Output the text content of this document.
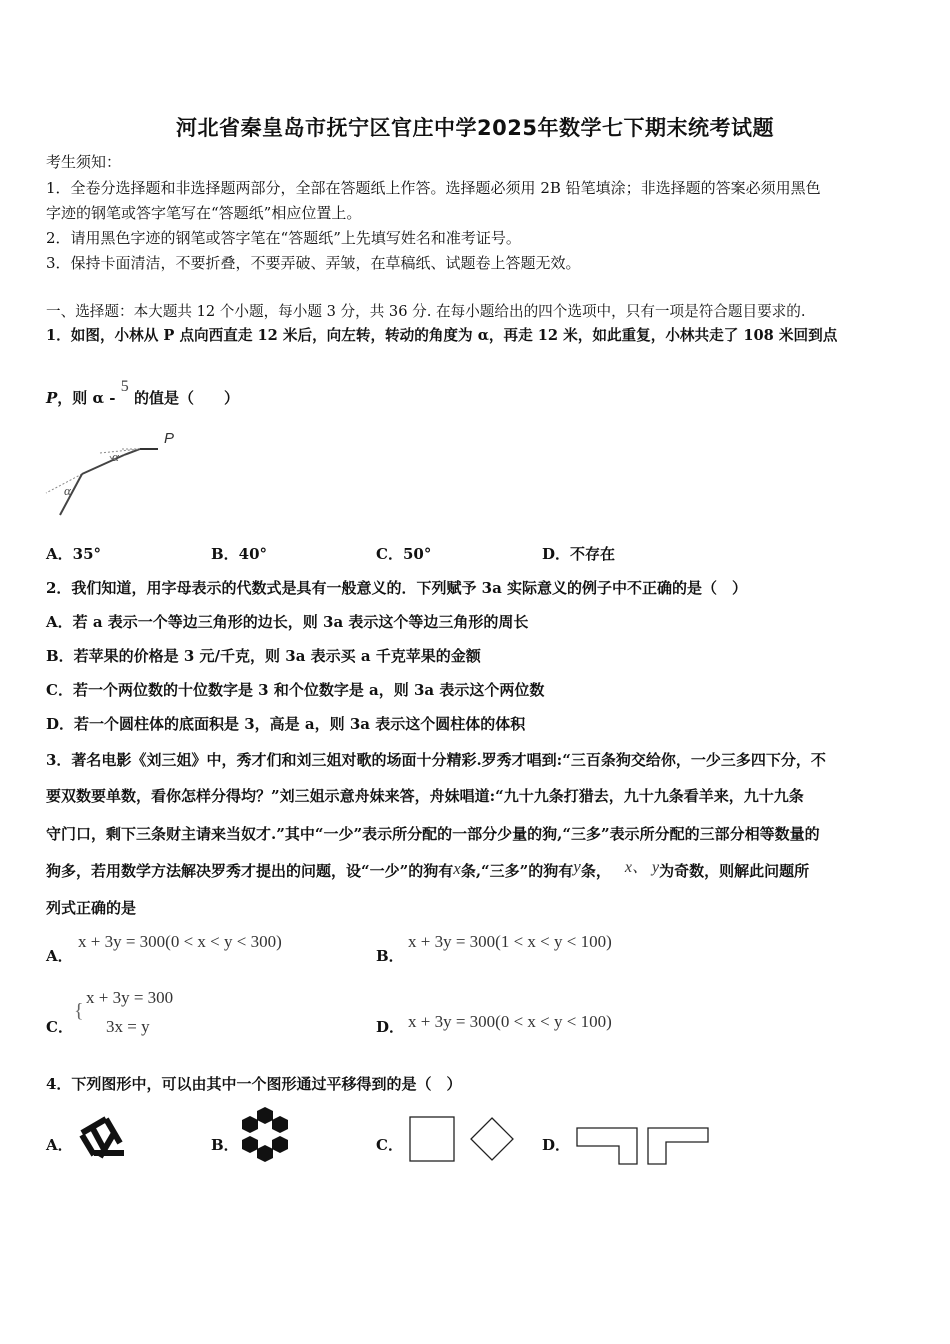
河北省秦皇岛市抚宁区官庄中学2025年数学七下期末统考试题
考生须知：
1．全卷分选择题和非选择题两部分，全部在答题纸上作答。选择题必须用 2B 铅笔填涂；非选择题的答案必须用黑色
字迹的钢笔或答字笔写在“答题纸”相应位置上。
2．请用黑色字迹的钢笔或答字笔在“答题纸”上先填写姓名和准考证号。
3．保持卡面清洁，不要折叠，不要弄破、弄皱，在草稿纸、试题卷上答题无效。
一、选择题：本大题共 12 个小题，每小题 3 分，共 36 分. 在每小题给出的四个选项中，只有一项是符合题目要求的.
1．如图，小林从 P 点向西直走 12 米后，向左转，转动的角度为 α，再走 12 米，如此重复，小林共走了 108 米回到点
P，则 α - 5 的值是（　　）
P
α
α
A．35°	B．40°	C．50°	D．不存在
2．我们知道，用字母表示的代数式是具有一般意义的．下列赋予 3a 实际意义的例子中不正确的是（　）
A．若 a 表示一个等边三角形的边长，则 3a 表示这个等边三角形的周长
B．若苹果的价格是 3 元/千克，则 3a 表示买 a 千克苹果的金额
C．若一个两位数的十位数字是 3 和个位数字是 a，则 3a 表示这个两位数
D．若一个圆柱体的底面积是 3，高是 a，则 3a 表示这个圆柱体的体积
3．著名电影《刘三姐》中，秀才们和刘三姐对歌的场面十分精彩.罗秀才唱到:“三百条狗交给你，一少三多四下分，不
要双数要单数，看你怎样分得均？”刘三姐示意舟妹来答，舟妹唱道:“九十九条打猎去，九十九条看羊来，九十九条
守门口，剩下三条财主请来当奴才.”其中“一少”表示所分配的一部分少量的狗,“三多”表示所分配的三部分相等数量的
狗多，若用数学方法解决罗秀才提出的问题，设“一少”的狗有x条,“三多”的狗有y条， x、 y为奇数，则解此问题所
列式正确的是
A．
x + 3y = 300(0 < x < y < 300)
B．
x + 3y = 300(1 < x < y < 100)
C．
{
x + 3y = 300
3x = y	D． x + 3y = 300(0 < x < y < 100)
4．下列图形中，可以由其中一个图形通过平移得到的是（　）
A．	B．	C．	D．
